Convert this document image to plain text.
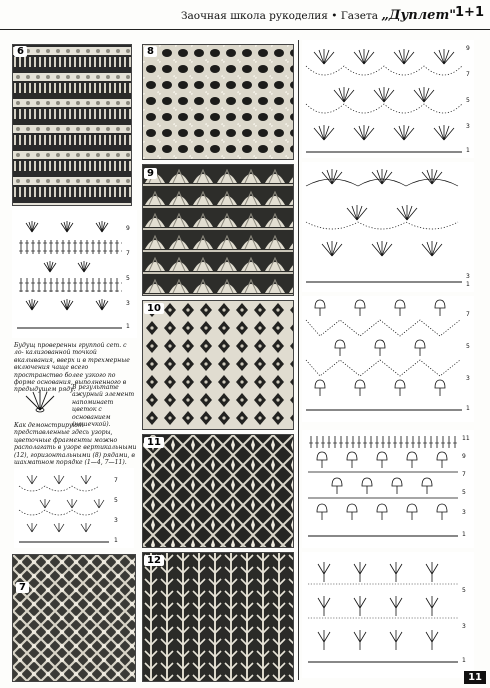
Заочная школа рукоделия • Газета „Дуплет" 1+1
6
9
7
5
3
1
Будущ проверенны группой сет. с ло- кализованной точкой вкалывания, вверх и в трехмерные включения чаще всего пространство более узкого по форме основания, выполненного в предыдущем ряду.
В результате ажурный элемент напоминает цветок с основанием (чашечкой).
Как демонстрируют представленные здесь узоры, цветочные фрагменты можно располагать в узоре вертикальными (12), горизонтальными (8) рядами, в шахматном порядке (1—4, 7—11).
7
5
3
1
7
8
9
10
11
12
9
7
5
3
1
3
1
7
5
3
1
11
9
7
5
3
1
5
3
1
11
